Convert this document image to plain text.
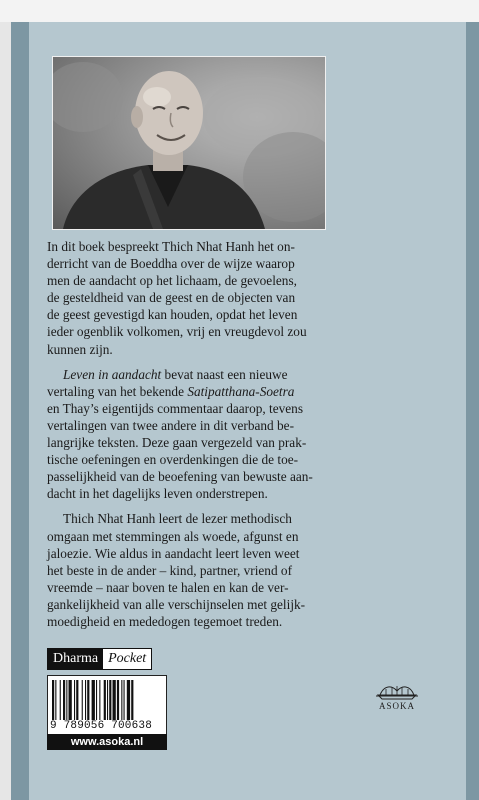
In dit boek bespreekt Thich Nhat Hanh het on-
derricht van de Boeddha over de wijze waarop
men de aandacht op het lichaam, de gevoelens,
de gesteldheid van de geest en de objecten van
de geest gevestigd kan houden, opdat het leven
ieder ogenblik volkomen, vrij en vreugdevol zou
kunnen zijn.

Leven in aandacht bevat naast een nieuwe
vertaling van het bekende Satipatthana-Soetra
en Thay’s eigentijds commentaar daarop, tevens
vertalingen van twee andere in dit verband be-
langrijke teksten. Deze gaan vergezeld van prak-
tische oefeningen en overdenkingen die de toe-
passelijkheid van de beoefening van bewuste aan-
dacht in het dagelijks leven onderstrepen.

Thich Nhat Hanh leert de lezer methodisch
omgaan met stemmingen als woede, afgunst en
jaloezie. Wie aldus in aandacht leert leven weet
het beste in de ander – kind, partner, vriend of
vreemde – naar boven te halen en kan de ver-
gankelijkheid van alle verschijnselen met gelijk-
moedigheid en mededogen tegemoet treden.

Dharma Pocket
9 789056 700638
www.asoka.nl
ASOKA
